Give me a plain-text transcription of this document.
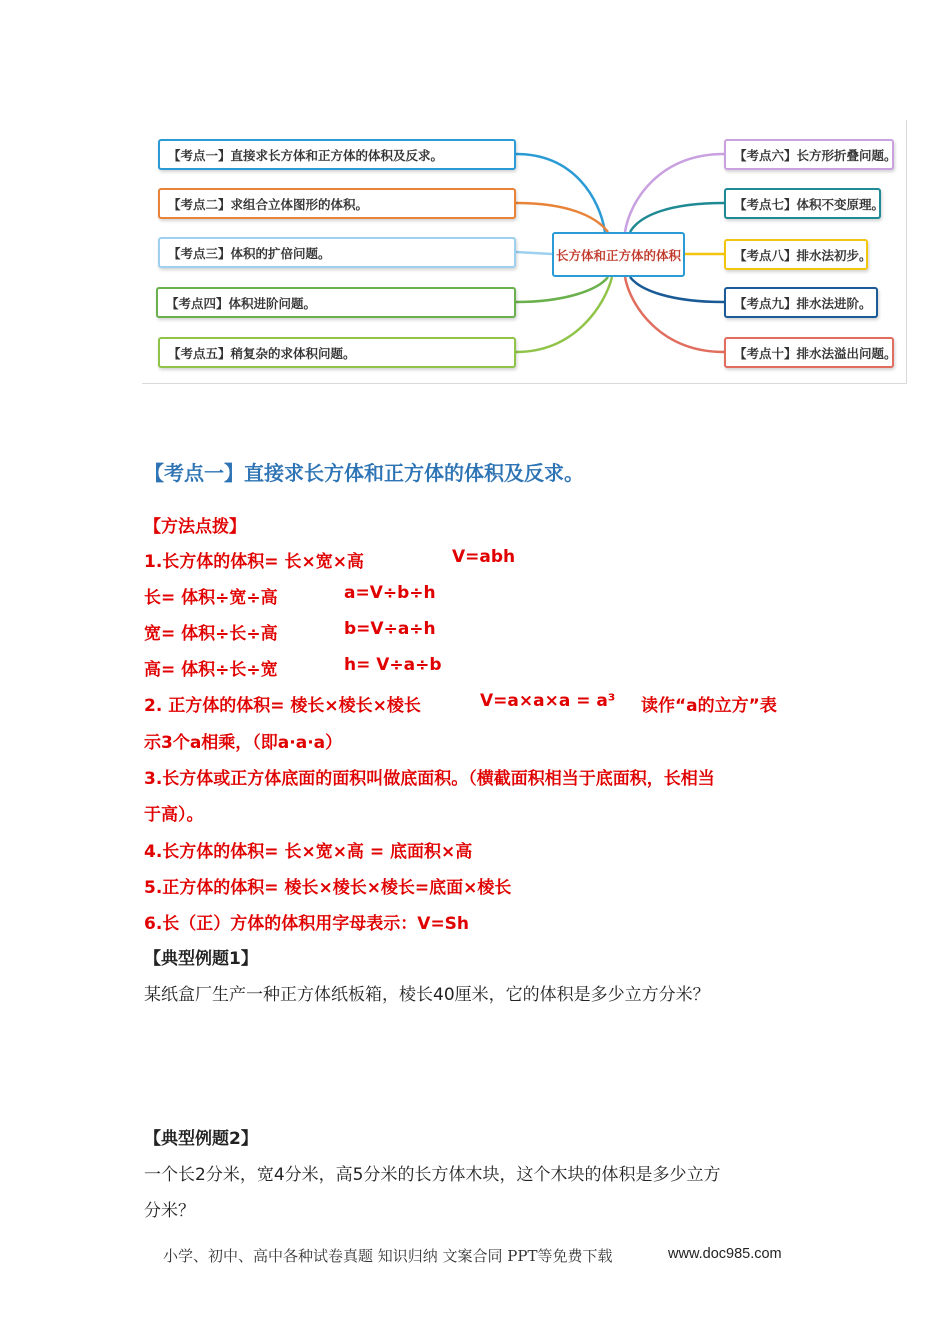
【考点一】直接求长方体和正方体的体积及反求。
【考点二】求组合立体图形的体积。
【考点三】体积的扩倍问题。
【考点四】体积进阶问题。
【考点五】稍复杂的求体积问题。
长方体和正方体的体积
【考点六】长方形折叠问题。
【考点七】体积不变原理。
【考点八】排水法初步。
【考点九】排水法进阶。
【考点十】排水法溢出问题。
【考点一】直接求长方体和正方体的体积及反求。
【方法点拨】
1.长方体的体积= 长×宽×高	V=abh
长= 体积÷宽÷高	a=V÷b÷h
宽= 体积÷长÷高	b=V÷a÷h
高= 体积÷长÷宽	h= V÷a÷b
2. 正方体的体积= 棱长×棱长×棱长	V=a×a×a = a³ 读作“a的立方”表
示3个a相乘，（即a·a·a）
3.长方体或正方体底面的面积叫做底面积。（横截面积相当于底面积，长相当
于高）。
4.长方体的体积= 长×宽×高 = 底面积×高
5.正方体的体积= 棱长×棱长×棱长=底面×棱长
6.长（正）方体的体积用字母表示：V=Sh
【典型例题1】
某纸盒厂生产一种正方体纸板箱，棱长40厘米，它的体积是多少立方分米？
【典型例题2】
一个长2分米，宽4分米，高5分米的长方体木块，这个木块的体积是多少立方
分米？
小学、初中、高中各种试卷真题 知识归纳 文案合同 PPT等免费下载	www.doc985.com
